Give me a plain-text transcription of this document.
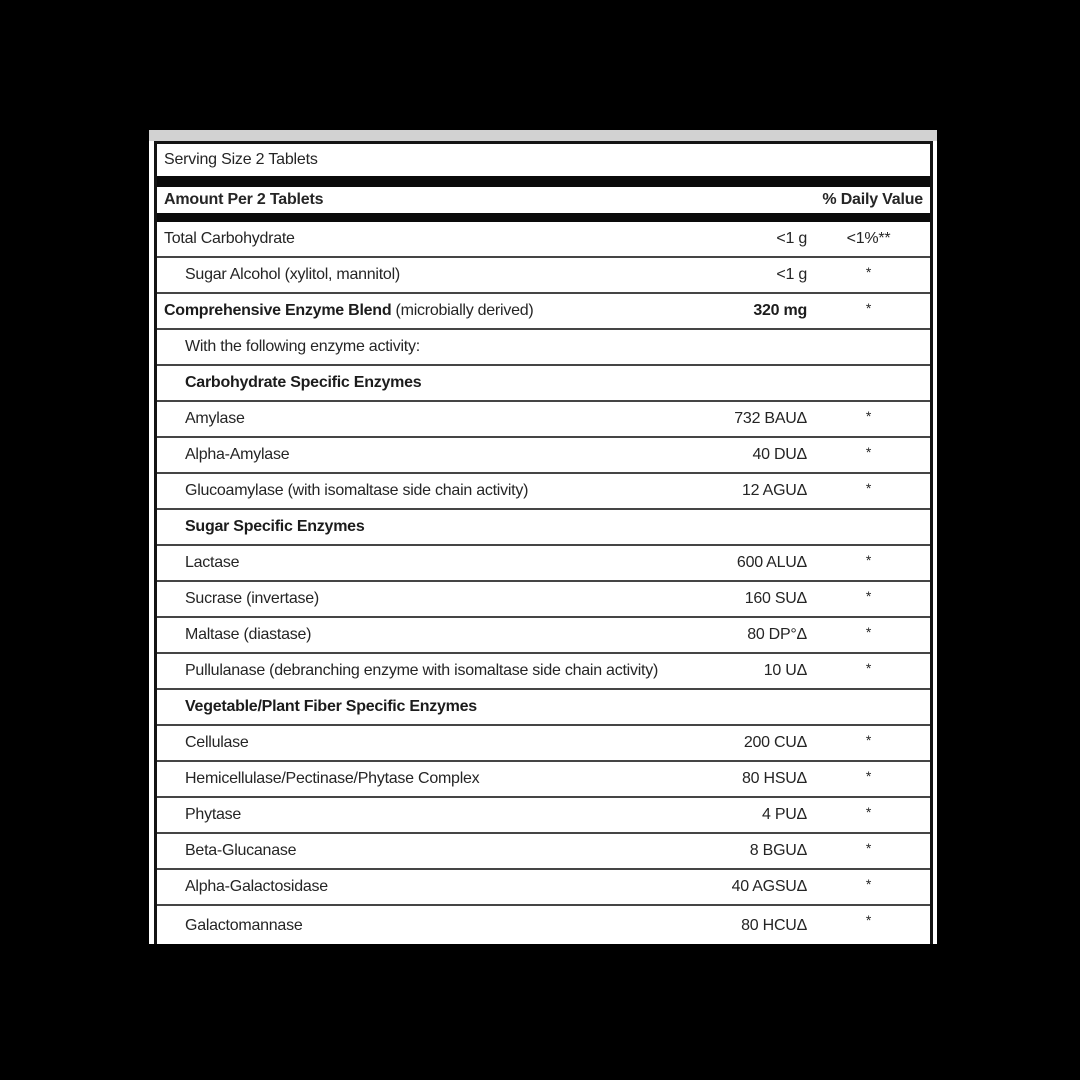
Serving Size 2 Tablets
Amount Per 2 Tablets	% Daily Value
Total Carbohydrate	<1 g	<1%**
Sugar Alcohol (xylitol, mannitol)	<1 g	*
Comprehensive Enzyme Blend (microbially derived)	320 mg	*
With the following enzyme activity:
Carbohydrate Specific Enzymes
Amylase	732 BAUΔ	*
Alpha-Amylase	40 DUΔ	*
Glucoamylase (with isomaltase side chain activity)	12 AGUΔ	*
Sugar Specific Enzymes
Lactase	600 ALUΔ	*
Sucrase (invertase)	160 SUΔ	*
Maltase (diastase)	80 DP°Δ	*
Pullulanase (debranching enzyme with isomaltase side chain activity)	10 UΔ	*
Vegetable/Plant Fiber Specific Enzymes
Cellulase	200 CUΔ	*
Hemicellulase/Pectinase/Phytase Complex	80 HSUΔ	*
Phytase	4 PUΔ	*
Beta-Glucanase	8 BGUΔ	*
Alpha-Galactosidase	40 AGSUΔ	*
Galactomannase	80 HCUΔ	*
